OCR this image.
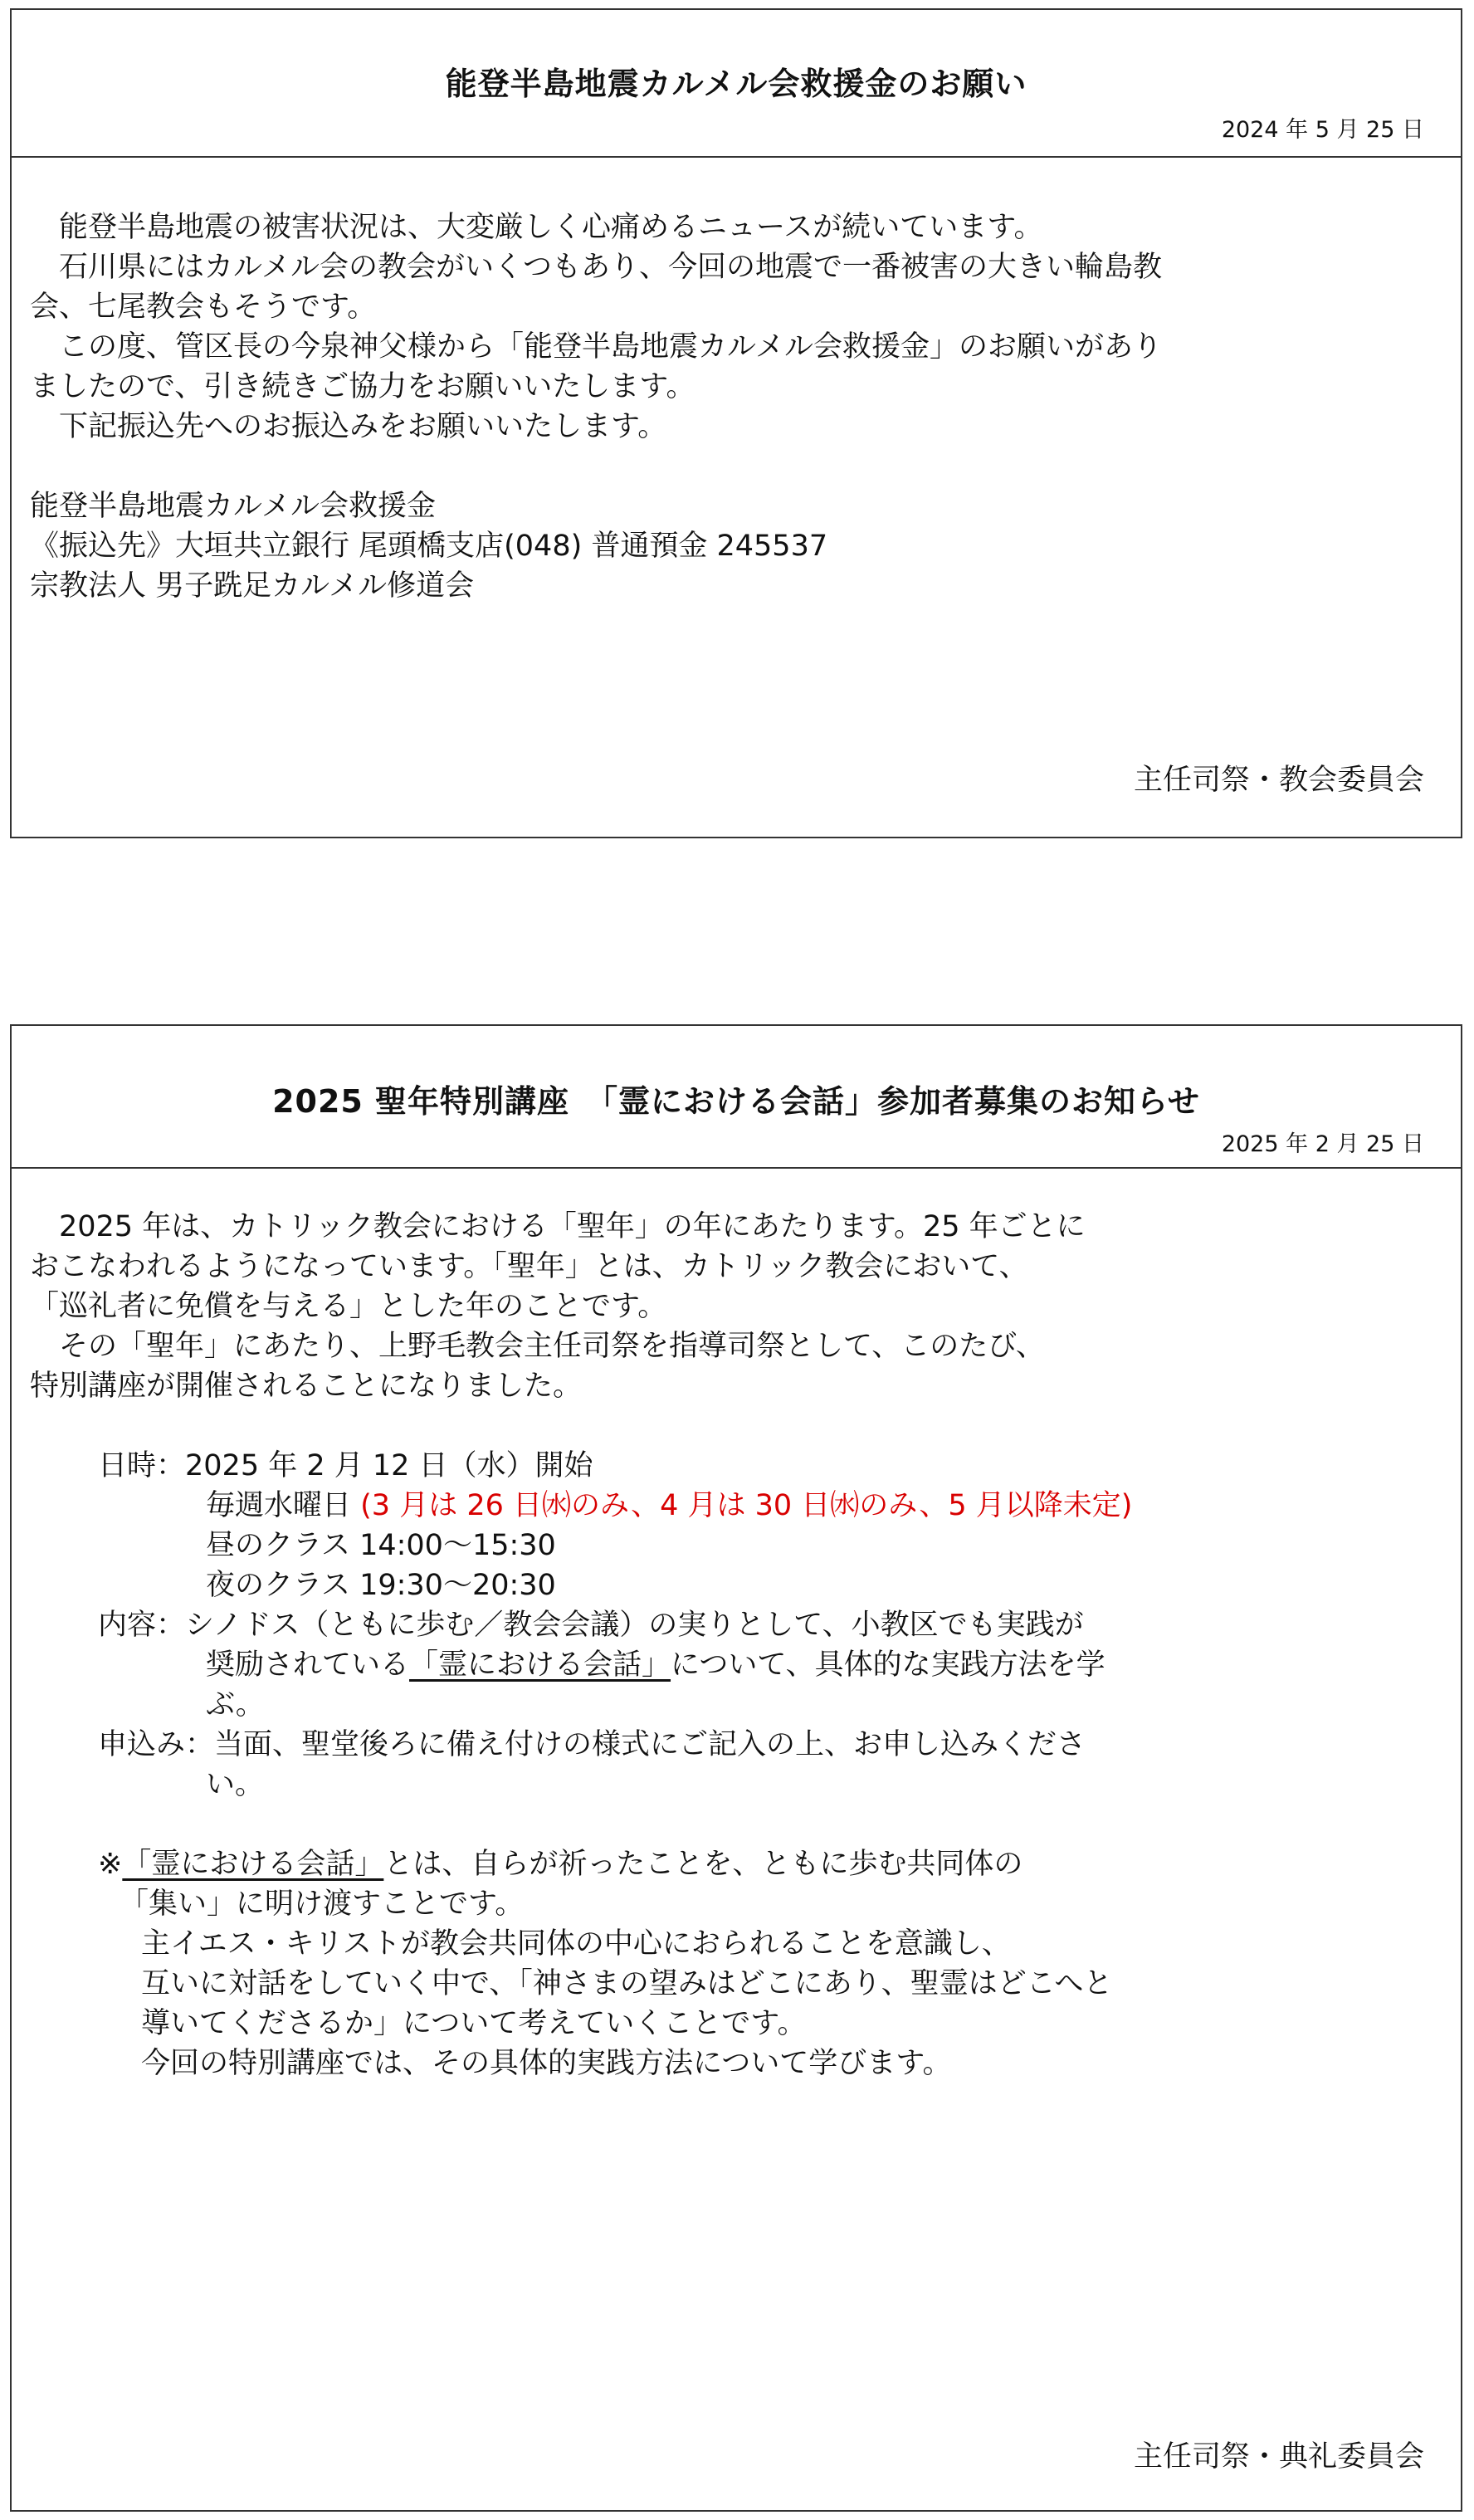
能登半島地震カルメル会救援金のお願い
2024 年 5 月 25 日
　能登半島地震の被害状況は、大変厳しく心痛めるニュースが続いています。
　石川県にはカルメル会の教会がいくつもあり、今回の地震で一番被害の大きい輪島教
会、七尾教会もそうです。
　この度、管区長の今泉神父様から「能登半島地震カルメル会救援金」のお願いがあり
ましたので、引き続きご協力をお願いいたします。
　下記振込先へのお振込みをお願いいたします。
能登半島地震カルメル会救援金
《振込先》大垣共立銀行 尾頭橋支店(048) 普通預金 245537
宗教法人 男子跣足カルメル修道会
主任司祭・教会委員会
2025 聖年特別講座　「霊における会話」参加者募集のお知らせ
2025 年 2 月 25 日
　2025 年は、カトリック教会における「聖年」の年にあたります。25 年ごとに
おこなわれるようになっています。「聖年」とは、カトリック教会において、
「巡礼者に免償を与える」とした年のことです。
　その「聖年」にあたり、上野毛教会主任司祭を指導司祭として、このたび、
特別講座が開催されることになりました。
日時：2025 年 2 月 12 日（水）開始
毎週水曜日 (3 月は 26 日㈬のみ、4 月は 30 日㈬のみ、5 月以降未定)
昼のクラス 14:00～15:30
夜のクラス 19:30～20:30
内容：シノドス（ともに歩む／教会会議）の実りとして、小教区でも実践が
奨励されている「霊における会話」について、具体的な実践方法を学
ぶ。
申込み：当面、聖堂後ろに備え付けの様式にご記入の上、お申し込みくださ
い。
※「霊における会話」とは、自らが祈ったことを、ともに歩む共同体の
「集い」に明け渡すことです。
主イエス・キリストが教会共同体の中心におられることを意識し、
互いに対話をしていく中で、「神さまの望みはどこにあり、聖霊はどこへと
導いてくださるか」について考えていくことです。
今回の特別講座では、その具体的実践方法について学びます。
主任司祭・典礼委員会
